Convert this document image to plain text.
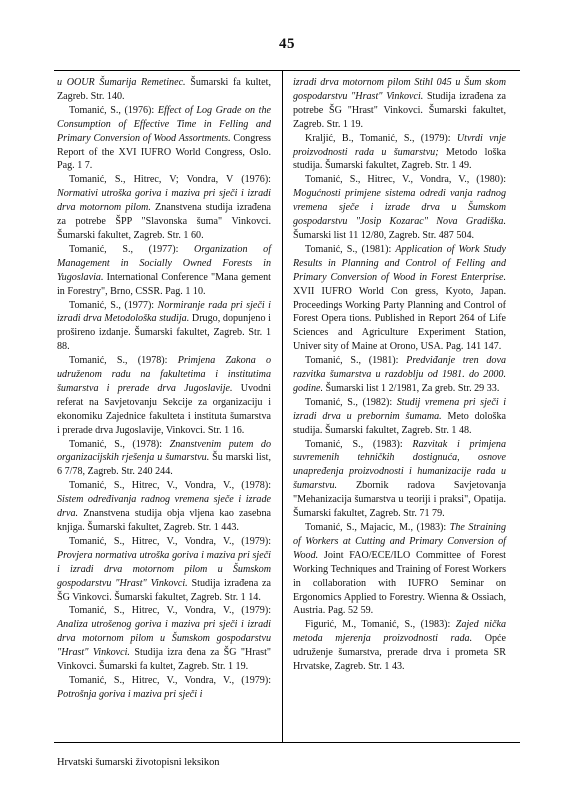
45

u OOUR Šumarija Remetinec. Šumarski fa kultet, Zagreb. Str. 140.

Tomanić, S., (1976): Effect of Log Grade on the Consumption of Effective Time in Felling and Primary Conversion of Wood Assortments. Congress Report of the XVI IUFRO World Congress, Oslo. Pag. 1 7.

Tomanić, S., Hitrec, V; Vondra, V (1976): Normativi utroška goriva i maziva pri sječi i izradi drva motornom pilom. Znanstvena studija izrađena za potrebe ŠPP "Slavonska šuma" Vinkovci. Šumarski fakultet, Zagreb. Str. 1 60.

Tomanić, S., (1977): Organization of Management in Socially Owned Forests in Yugoslavia. International Conference "Mana gement in Forestry", Brno, CSSR. Pag. 1 10.

Tomanić, S., (1977): Normiranje rada pri sječi i izradi drva Metodološka studija. Drugo, dopunjeno i prošireno izdanje. Šumarski fakultet, Zagreb. Str. 1 88.

Tomanić, S., (1978): Primjena Zakona o udruženom radu na fakultetima i institutima šumarstva i prerade drva Jugoslavije. Uvodni referat na Savjetovanju Sekcije za organizaciju i ekonomiku Zajednice fakulteta i instituta šumarstva i prerade drva Jugoslavije, Vinkovci. Str. 1 16.

Tomanić, S., (1978): Znanstvenim putem do organizacijskih rješenja u šumarstvu. Šu marski list, 6 7/78, Zagreb. Str. 240 244.

Tomanić, S., Hitrec, V., Vondra, V., (1978): Sistem određivanja radnog vremena sječe i izrade drva. Znanstvena studija obja vljena kao zasebna knjiga. Šumarski fakultet, Zagreb. Str. 1 443.

Tomanić, S., Hitrec, V., Vondra, V., (1979): Provjera normativa utroška goriva i maziva pri sječi i izradi drva motornom pilom u Šumskom gospodarstvu "Hrast" Vinkovci. Studija izrađena za ŠG Vinkovci. Šumarski fakultet, Zagreb. Str. 1 14.

Tomanić, S., Hitrec, V., Vondra, V., (1979): Analiza utrošenog goriva i maziva pri sječi i izradi drva motornom pilom u Šumskom gospodarstvu "Hrast" Vinkovci. Studija izra đena za ŠG "Hrast" Vinkovci. Šumarski fa kultet, Zagreb. Str. 1 19.

Tomanić, S., Hitrec, V., Vondra, V., (1979): Potrošnja goriva i maziva pri sječi i

izradi drva motornom pilom Stihl 045 u Šum skom gospodarstvu "Hrast" Vinkovci. Studija izrađena za potrebe ŠG "Hrast" Vinkovci. Šumarski fakultet, Zagreb. Str. 1 19.

Kraljić, B., Tomanić, S., (1979): Utvrdi vnje proizvodnosti rada u šumarstvu; Metodo loška studija. Šumarski fakultet, Zagreb. Str. 1 49.

Tomanić, S., Hitrec, V., Vondra, V., (1980): Mogućnosti primjene sistema odredi vanja radnog vremena sječe i izrade drva u Šumskom gospodarstvu "Josip Kozarac" Nova Gradiška. Šumarski list 11 12/80, Zagreb. Str. 487 504.

Tomanić, S., (1981): Application of Work Study Results in Planning and Control of Felling and Primary Conversion of Wood in Forest Enterprise. XVII IUFRO World Con gress, Kyoto, Japan. Proceedings Working Party Planning and Control of Forest Opera tions. Published in Report 264 of Life Sciences and Agriculture Experiment Station, Univer sity of Maine at Orono, USA. Pag. 141 147.

Tomanić, S., (1981): Predviđanje tren dova razvitka šumarstva u razdoblju od 1981. do 2000. godine. Šumarski list 1 2/1981, Za greb. Str. 29 33.

Tomanić, S., (1982): Studij vremena pri sječi i izradi drva u prebornim šumama. Meto dološka studija. Šumarski fakultet, Zagreb. Str. 1 48.

Tomanić, S., (1983): Razvitak i primjena suvremenih tehničkih dostignuća, osnove unapređenja proizvodnosti i humanizacije rada u šumarstvu. Zbornik radova Savjetovanja "Mehanizacija šumarstva u teoriji i praksi", Opatija. Šumarski fakultet, Zagreb. Str. 71 79.

Tomanić, S., Majacic, M., (1983): The Straining of Workers at Cutting and Primary Conversion of Wood. Joint FAO/ECE/ILO Committee of Forest Working Techniques and Training of Forest Workers in collaboration with IUFRO Seminar on Ergonomics Applied to Forestry. Wienna & Ossiach, Austria. Pag. 52 59.

Figurić, M., Tomanić, S., (1983): Zajed nička metoda mjerenja proizvodnosti rada. Opće udruženje šumarstva, prerade drva i prometa SR Hrvatske, Zagreb. Str. 1 43.

Hrvatski šumarski životopisni leksikon
